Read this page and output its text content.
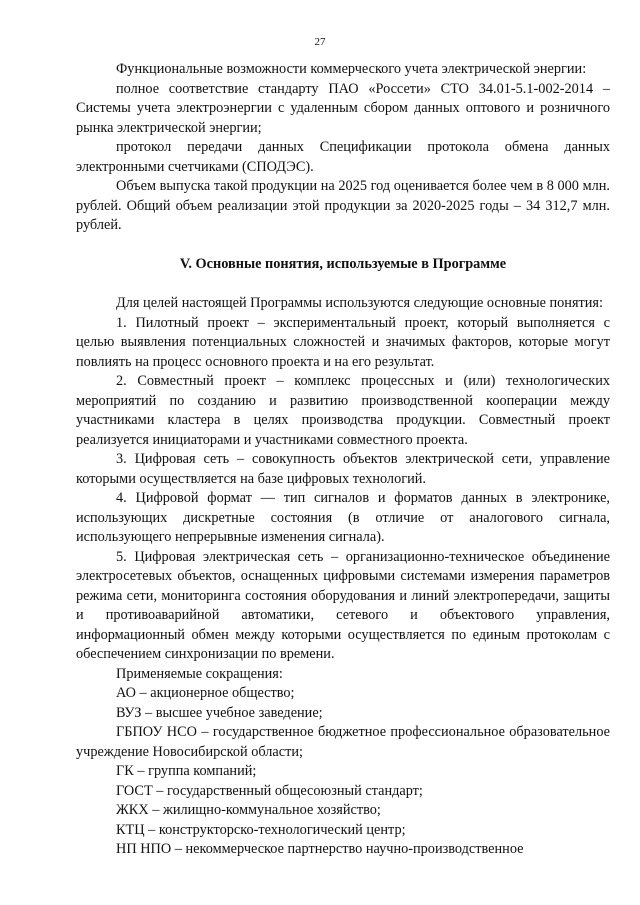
27

Функциональные возможности коммерческого учета электрической энергии:

полное соответствие стандарту ПАО «Россети» СТО 34.01-5.1-002-2014 – Системы учета электроэнергии с удаленным сбором данных оптового и розничного рынка электрической энергии;

протокол передачи данных Спецификации протокола обмена данных электронными счетчиками (СПОДЭС).

Объем выпуска такой продукции на 2025 год оценивается более чем в 8 000 млн. рублей. Общий объем реализации этой продукции за 2020-2025 годы – 34 312,7 млн. рублей.

V. Основные понятия, используемые в Программе

Для целей настоящей Программы используются следующие основные понятия:

1. Пилотный проект – экспериментальный проект, который выполняется с целью выявления потенциальных сложностей и значимых факторов, которые могут повлиять на процесс основного проекта и на его результат.

2. Совместный проект – комплекс процессных и (или) технологических мероприятий по созданию и развитию производственной кооперации между участниками кластера в целях производства продукции. Совместный проект реализуется инициаторами и участниками совместного проекта.

3. Цифровая сеть – совокупность объектов электрической сети, управление которыми осуществляется на базе цифровых технологий.

4. Цифровой формат — тип сигналов и форматов данных в электронике, использующих дискретные состояния (в отличие от аналогового сигнала, использующего непрерывные изменения сигнала).

5. Цифровая электрическая сеть – организационно-техническое объединение электросетевых объектов, оснащенных цифровыми системами измерения параметров режима сети, мониторинга состояния оборудования и линий электропередачи, защиты и противоаварийной автоматики, сетевого и объектового управления, информационный обмен между которыми осуществляется по единым протоколам с обеспечением синхронизации по времени.

Применяемые сокращения:

АО – акционерное общество;

ВУЗ – высшее учебное заведение;

ГБПОУ НСО – государственное бюджетное профессиональное образовательное учреждение Новосибирской области;

ГК – группа компаний;

ГОСТ – государственный общесоюзный стандарт;

ЖКХ – жилищно-коммунальное хозяйство;

КТЦ – конструкторско-технологический центр;

НП НПО – некоммерческое партнерство научно-производственное
